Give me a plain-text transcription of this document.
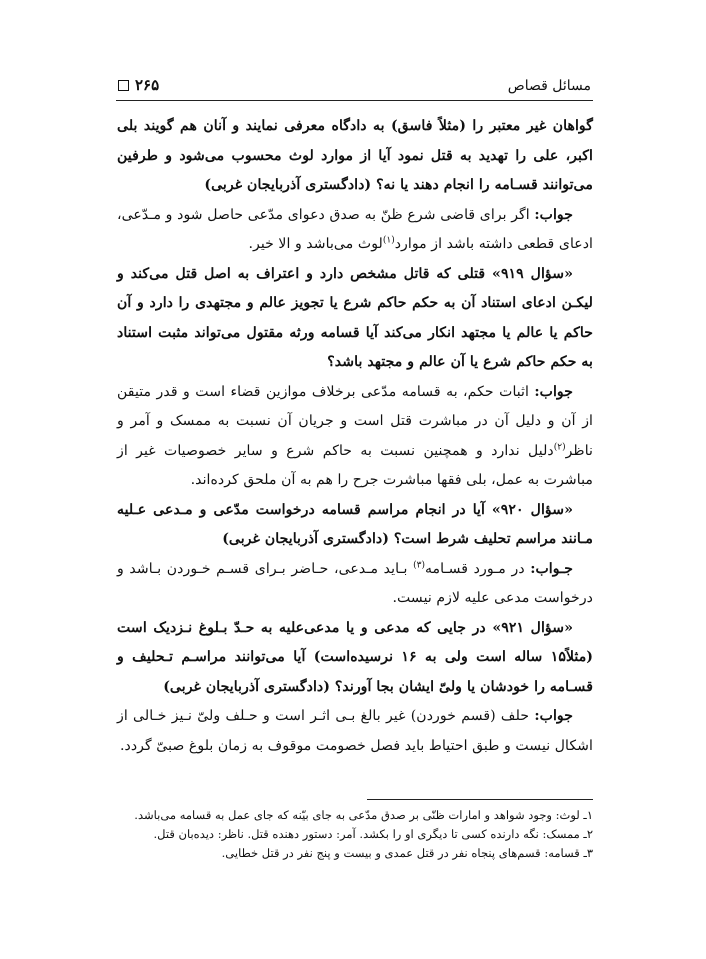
مسائل قصاص
۲۶۵

گواهان غیر معتبر را (مثلاً فاسق) به دادگاه معرفی نمایند و آنان هم گویند بلی اکبر، علی را تهدید به قتل نمود آیا از موارد لوث محسوب می‌شود و طرفین می‌توانند قسـامه را انجام دهند یا نه؟ (دادگستری آذربایجان غربی)

جواب: اگر برای قاضی شرع ظنّ به صدق دعوای مدّعی حاصل شود و مـدّعی، ادعای قطعی داشته باشد از موارد$^{(۱)}$لوث می‌باشد و الا خیر.

«سؤال ۹۱۹» قتلی که قاتل مشخص دارد و اعتراف به اصل قتل می‌کند و لیکـن ادعای استناد آن به حکم حاکم شرع یا تجویز عالم و مجتهدی را دارد و آن حاکم یا عالم یا مجتهد انکار می‌کند آیا قسامه ورثه مقتول می‌تواند مثبت استناد به حکم حاکم شرع یا آن عالم و مجتهد باشد؟

جواب: اثبات حکم، به قسامه مدّعی برخلاف موازین قضاء است و قدر متیقن از آن و دلیل آن در مباشرت قتل است و جریان آن نسبت به ممسک و آمر و ناظر$^{(۲)}$دلیل ندارد و همچنین نسبت به حاکم شرع و سایر خصوصیات غیر از مباشرت به عمل، بلی فقها مباشرت جرح را هم به آن ملحق کرده‌اند.

«سؤال ۹۲۰» آیا در انجام مراسم قسامه درخواست مدّعی و مـدعی عـلیه مـانند مراسم تحلیف شرط است؟ (دادگستری آذربایجان غربی)

جـواب: در مـورد قسـامه$^{(۳)}$ بـاید مـدعی، حـاضر بـرای قسـم خـوردن بـاشد و درخواست مدعی علیه لازم نیست.

«سؤال ۹۲۱» در جایی که مدعی و یا مدعی‌علیه به حـدّ بـلوغ نـزدیک است (مثلاً۱۵ ساله است ولی به ۱۶ نرسیده‌است) آیا می‌توانند مراسـم تـحلیف و قسـامه را خودشان یا ولیّ ایشان بجا آورند؟ (دادگستری آذربایجان غربی)

جواب: حلف (قسم خوردن) غیر بالغ بـی اثـر است و حـلف ولیّ نـیز خـالی از اشکال نیست و طبق احتیاط باید فصل خصومت موقوف به زمان بلوغ صبیّ گردد.

۱ـ لوث: وجود شواهد و امارات ظنّی بر صدق مدّعی به جای بیّنه که جای عمل به قسامه می‌باشد.

۲ـ ممسک: نگه دارنده کسی تا دیگری او را بکشد. آمر: دستور دهنده قتل. ناظر: دیده‌بان قتل.

۳ـ قسامه: قسم‌های پنجاه نفر در قتل عمدی و بیست و پنج نفر در قتل خطایی.
